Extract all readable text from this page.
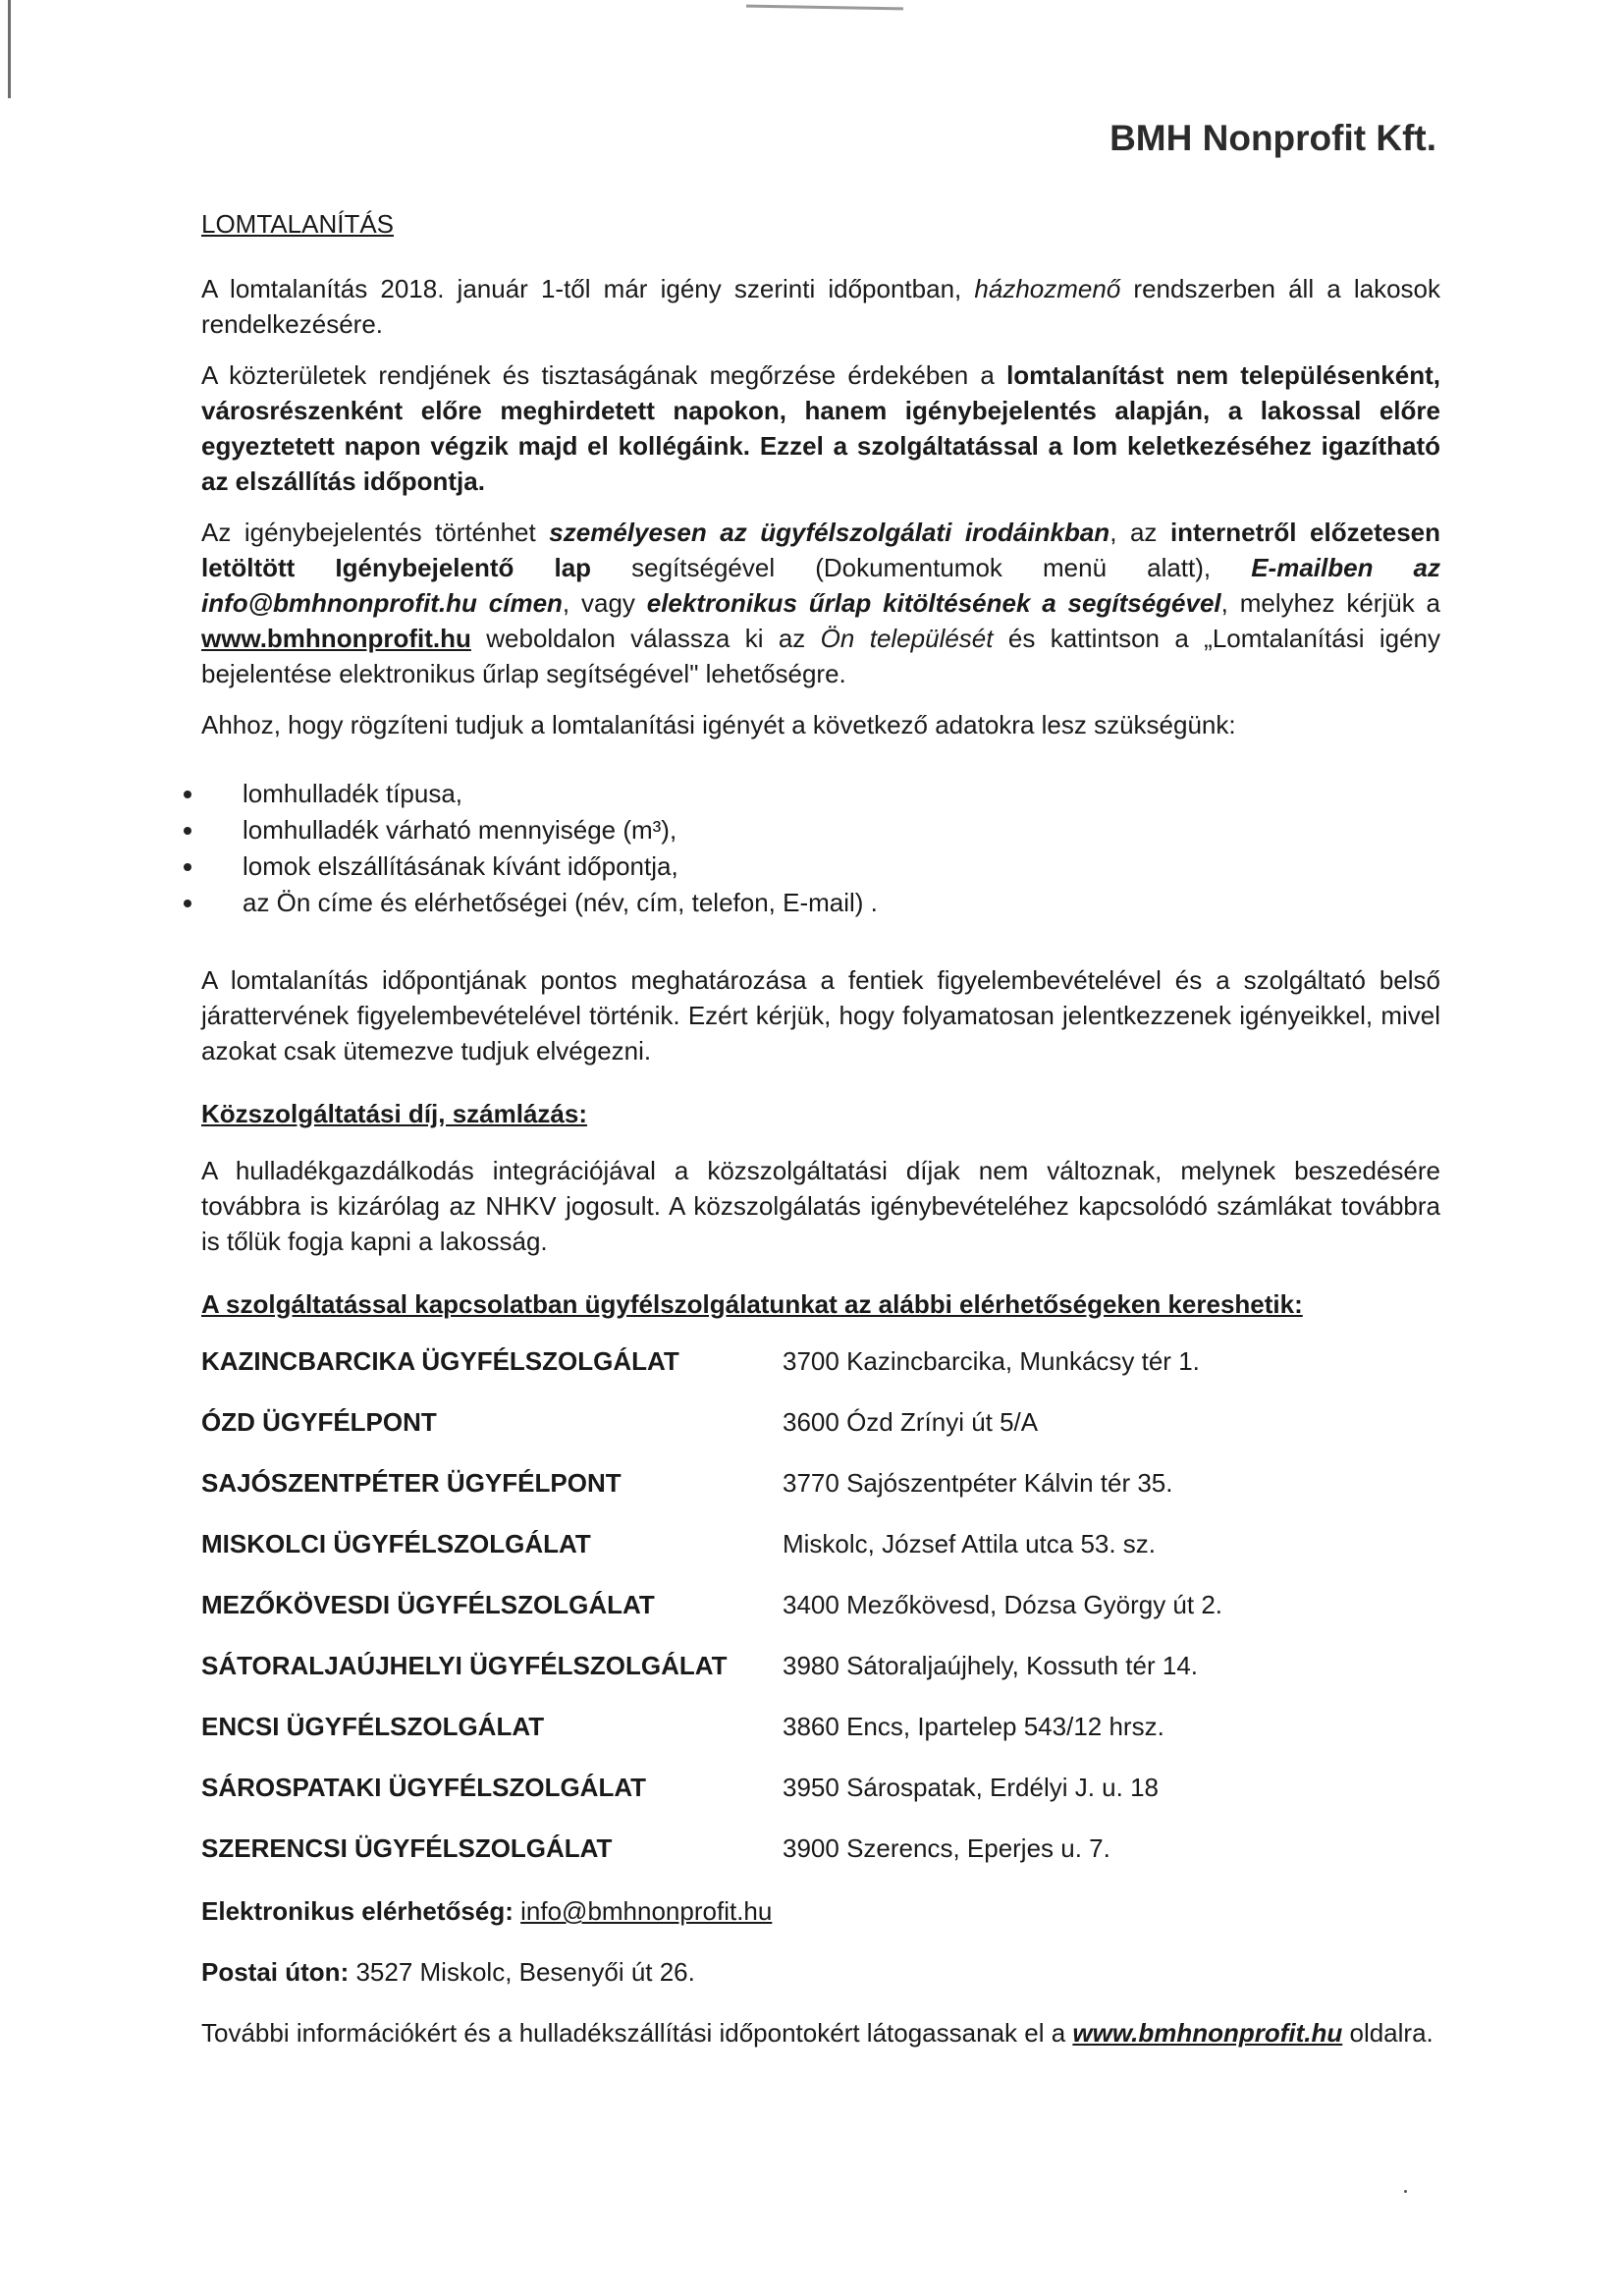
BMH Nonprofit Kft.
LOMTALANÍTÁS

A lomtalanítás 2018. január 1-től már igény szerinti időpontban, házhozmenő rendszerben áll a lakosok rendelkezésére.

A közterületek rendjének és tisztaságának megőrzése érdekében a lomtalanítást nem településenként, városrészenként előre meghirdetett napokon, hanem igénybejelentés alapján, a lakossal előre egyeztetett napon végzik majd el kollégáink. Ezzel a szolgáltatással a lom keletkezéséhez igazítható az elszállítás időpontja.

Az igénybejelentés történhet személyesen az ügyfélszolgálati irodáinkban, az internetről előzetesen letöltött Igénybejelentő lap segítségével (Dokumentumok menü alatt), E-mailben az info@bmhnonprofit.hu címen, vagy elektronikus űrlap kitöltésének a segítségével, melyhez kérjük a www.bmhnonprofit.hu weboldalon válassza ki az Ön települését és kattintson a „Lomtalanítási igény bejelentése elektronikus űrlap segítségével" lehetőségre.

Ahhoz, hogy rögzíteni tudjuk a lomtalanítási igényét a következő adatokra lesz szükségünk:

lomhulladék típusa,
lomhulladék várható mennyisége (m³),
lomok elszállításának kívánt időpontja,
az Ön címe és elérhetőségei (név, cím, telefon, E-mail) .

A lomtalanítás időpontjának pontos meghatározása a fentiek figyelembevételével és a szolgáltató belső járattervének figyelembevételével történik. Ezért kérjük, hogy folyamatosan jelentkezzenek igényeikkel, mivel azokat csak ütemezve tudjuk elvégezni.

Közszolgáltatási díj, számlázás:

A hulladékgazdálkodás integrációjával a közszolgáltatási díjak nem változnak, melynek beszedésére továbbra is kizárólag az NHKV jogosult. A közszolgálatás igénybevételéhez kapcsolódó számlákat továbbra is tőlük fogja kapni a lakosság.

A szolgáltatással kapcsolatban ügyfélszolgálatunkat az alábbi elérhetőségeken kereshetik:
KAZINCBARCIKA ÜGYFÉLSZOLGÁLAT	3700 Kazincbarcika, Munkácsy tér 1.
ÓZD ÜGYFÉLPONT	3600 Ózd Zrínyi út 5/A
SAJÓSZENTPÉTER ÜGYFÉLPONT	3770 Sajószentpéter Kálvin tér 35.
MISKOLCI ÜGYFÉLSZOLGÁLAT	Miskolc, József Attila utca 53. sz.
MEZŐKÖVESDI ÜGYFÉLSZOLGÁLAT	3400 Mezőkövesd, Dózsa György út 2.
SÁTORALJAÚJHELYI ÜGYFÉLSZOLGÁLAT	3980 Sátoraljaújhely, Kossuth tér 14.
ENCSI ÜGYFÉLSZOLGÁLAT	3860 Encs, Ipartelep 543/12 hrsz.
SÁROSPATAKI ÜGYFÉLSZOLGÁLAT	3950 Sárospatak, Erdélyi J. u. 18
SZERENCSI ÜGYFÉLSZOLGÁLAT	3900 Szerencs, Eperjes u. 7.

Elektronikus elérhetőség: info@bmhnonprofit.hu

Postai úton: 3527 Miskolc, Besenyői út 26.

További információkért és a hulladékszállítási időpontokért látogassanak el a www.bmhnonprofit.hu oldalra.
